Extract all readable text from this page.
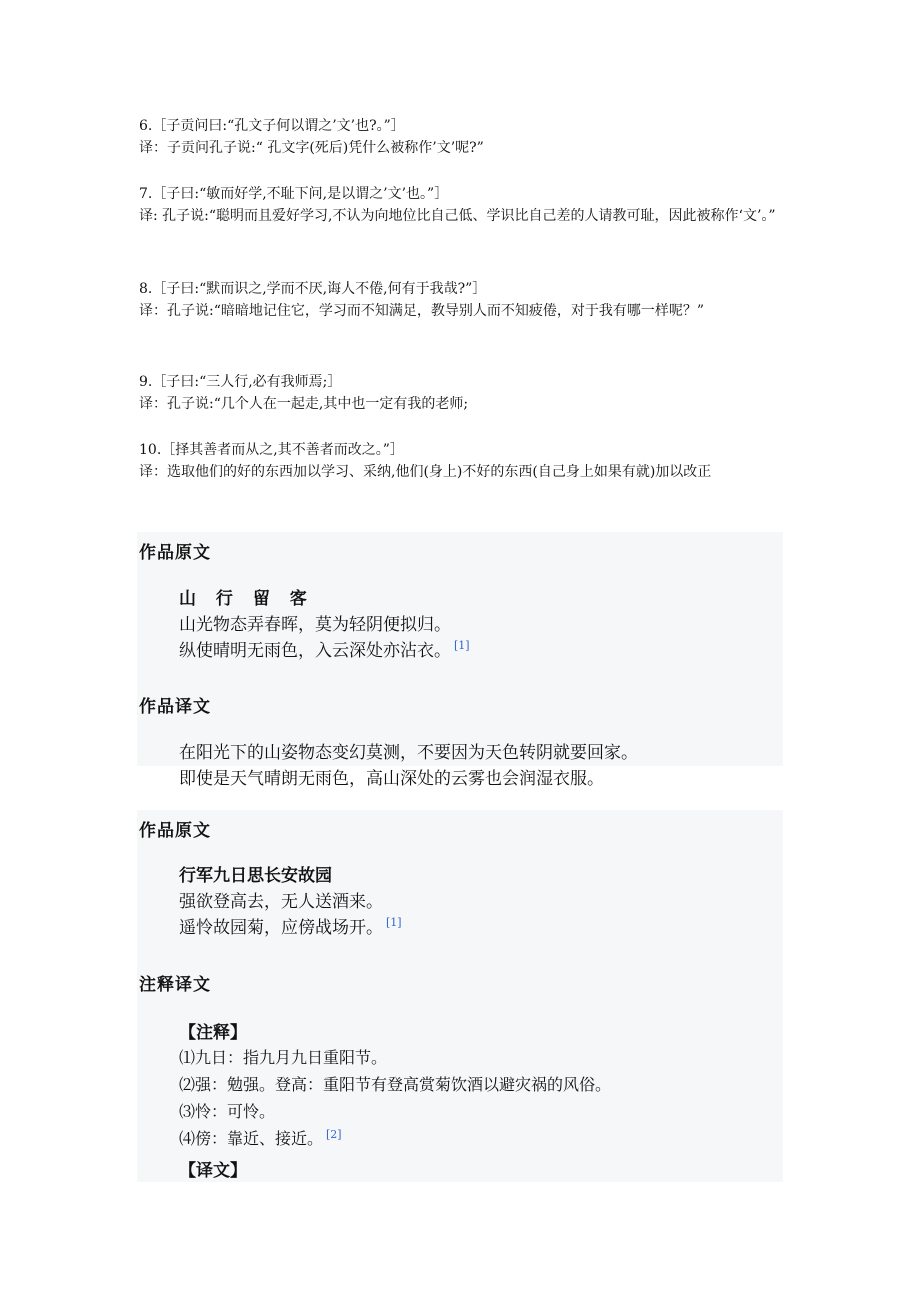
6.［子贡问曰:“孔文子何以谓之’文’也?。”］
译：子贡问孔子说:“ 孔文字(死后)凭什么被称作’文’呢?”
7.［子曰:“敏而好学,不耻下问,是以谓之’文’也。”］
译: 孔子说:“聪明而且爱好学习,不认为向地位比自己低、学识比自己差的人请教可耻，因此被称作‘文’。”
8.［子曰:“默而识之,学而不厌,诲人不倦,何有于我哉?”］
译：孔子说:“暗暗地记住它，学习而不知满足，教导别人而不知疲倦，对于我有哪一样呢？”
9.［子曰:“三人行,必有我师焉;］
译：孔子说:“几个人在一起走,其中也一定有我的老师;
10.［择其善者而从之,其不善者而改之。”］
译：选取他们的好的东西加以学习、采纳,他们(身上)不好的东西(自己身上如果有就)加以改正
作品原文
山 行 留 客
山光物态弄春晖，莫为轻阴便拟归。
纵使晴明无雨色，入云深处亦沾衣。 [1]
作品译文
在阳光下的山姿物态变幻莫测，不要因为天色转阴就要回家。
即使是天气晴朗无雨色，高山深处的云雾也会润湿衣服。
作品原文
行军九日思长安故园
强欲登高去，无人送酒来。
遥怜故园菊，应傍战场开。 [1]
注释译文
【注释】
⑴九日：指九月九日重阳节。
⑵强：勉强。登高：重阳节有登高赏菊饮酒以避灾祸的风俗。
⑶怜：可怜。
⑷傍：靠近、接近。 [2]
【译文】
